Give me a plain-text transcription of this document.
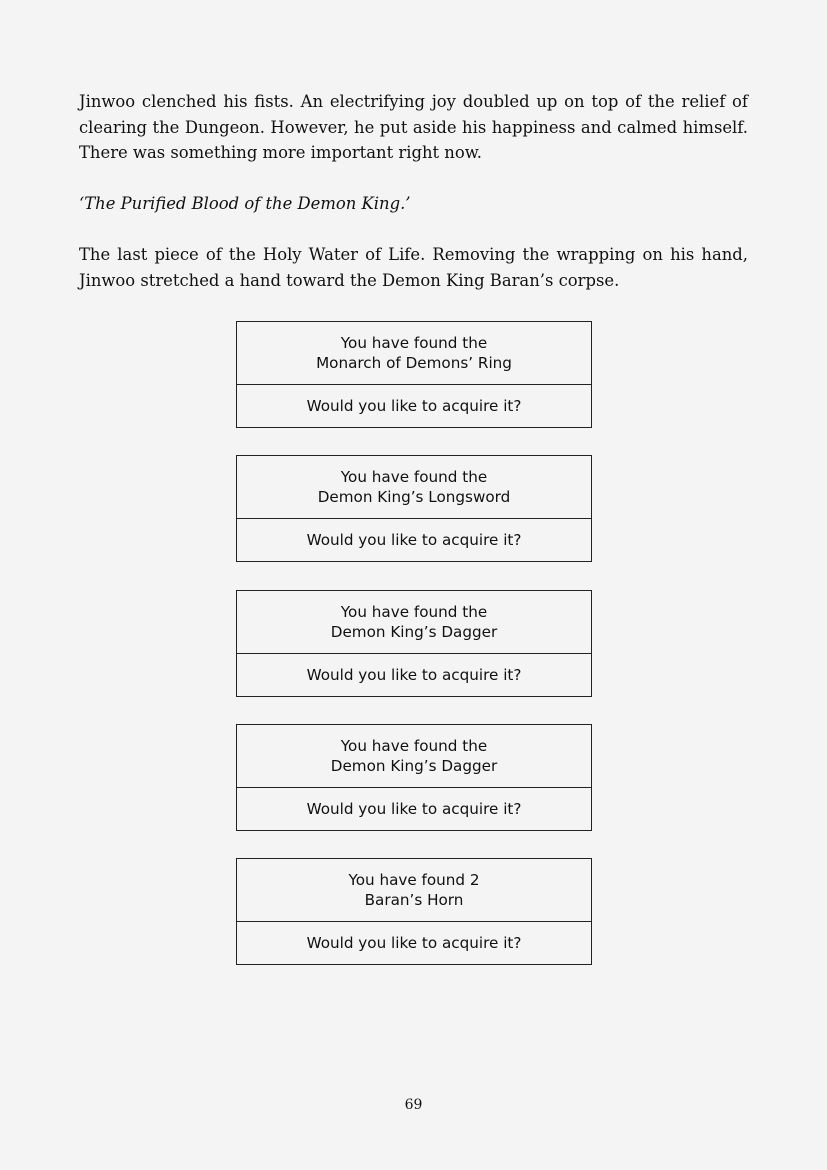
Jinwoo clenched his fists. An electrifying joy doubled up on top of the relief of clearing the Dungeon. However, he put aside his happiness and calmed himself. There was something more important right now.

‘The Purified Blood of the Demon King.’

The last piece of the Holy Water of Life. Removing the wrapping on his hand, Jinwoo stretched a hand toward the Demon King Baran’s corpse.

You have found the
Monarch of Demons’ Ring
Would you like to acquire it?
You have found the
Demon King’s Longsword
Would you like to acquire it?
You have found the
Demon King’s Dagger
Would you like to acquire it?
You have found the
Demon King’s Dagger
Would you like to acquire it?
You have found 2
Baran’s Horn
Would you like to acquire it?
69
